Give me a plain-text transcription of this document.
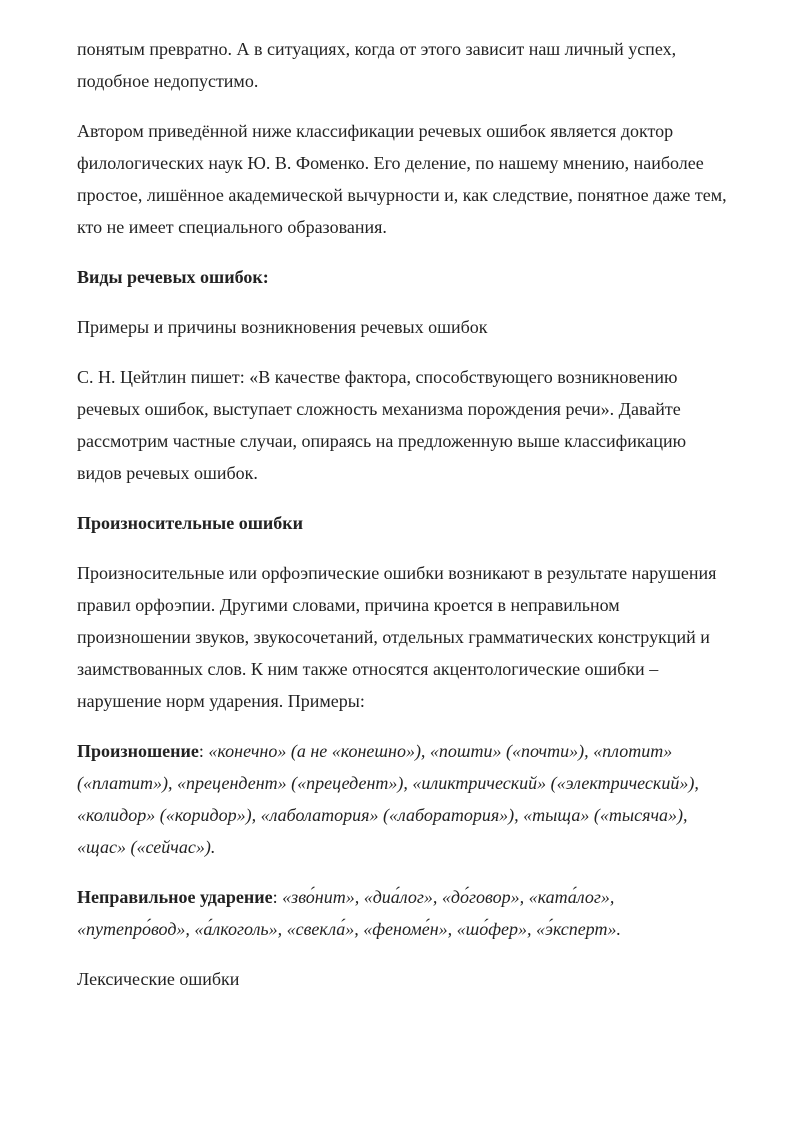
понятым превратно. А в ситуациях, когда от этого зависит наш личный успех, подобное недопустимо.

Автором приведённой ниже классификации речевых ошибок является доктор филологических наук Ю. В. Фоменко. Его деление, по нашему мнению, наиболее простое, лишённое академической вычурности и, как следствие, понятное даже тем, кто не имеет специального образования.

Виды речевых ошибок:

Примеры и причины возникновения речевых ошибок

С. Н. Цейтлин пишет: «В качестве фактора, способствующего возникновению речевых ошибок, выступает сложность механизма порождения речи». Давайте рассмотрим частные случаи, опираясь на предложенную выше классификацию видов речевых ошибок.

Произносительные ошибки

Произносительные или орфоэпические ошибки возникают в результате нарушения правил орфоэпии. Другими словами, причина кроется в неправильном произношении звуков, звукосочетаний, отдельных грамматических конструкций и заимствованных слов. К ним также относятся акцентологические ошибки – нарушение норм ударения. Примеры:

Произношение: «конечно» (а не «конешно»), «пошти» («почти»), «плотит» («платит»), «прецендент» («прецедент»), «иликтрический» («электрический»), «колидор» («коридор»), «лаболатория» («лаборатория»), «тыща» («тысяча»), «щас» («сейчас»).

Неправильное ударение: «зво́нит», «диа́лог», «до́говор», «ката́лог», «путепро́вод», «а́лкоголь», «свекла́», «феноме́н», «шо́фер», «э́ксперт».

Лексические ошибки
